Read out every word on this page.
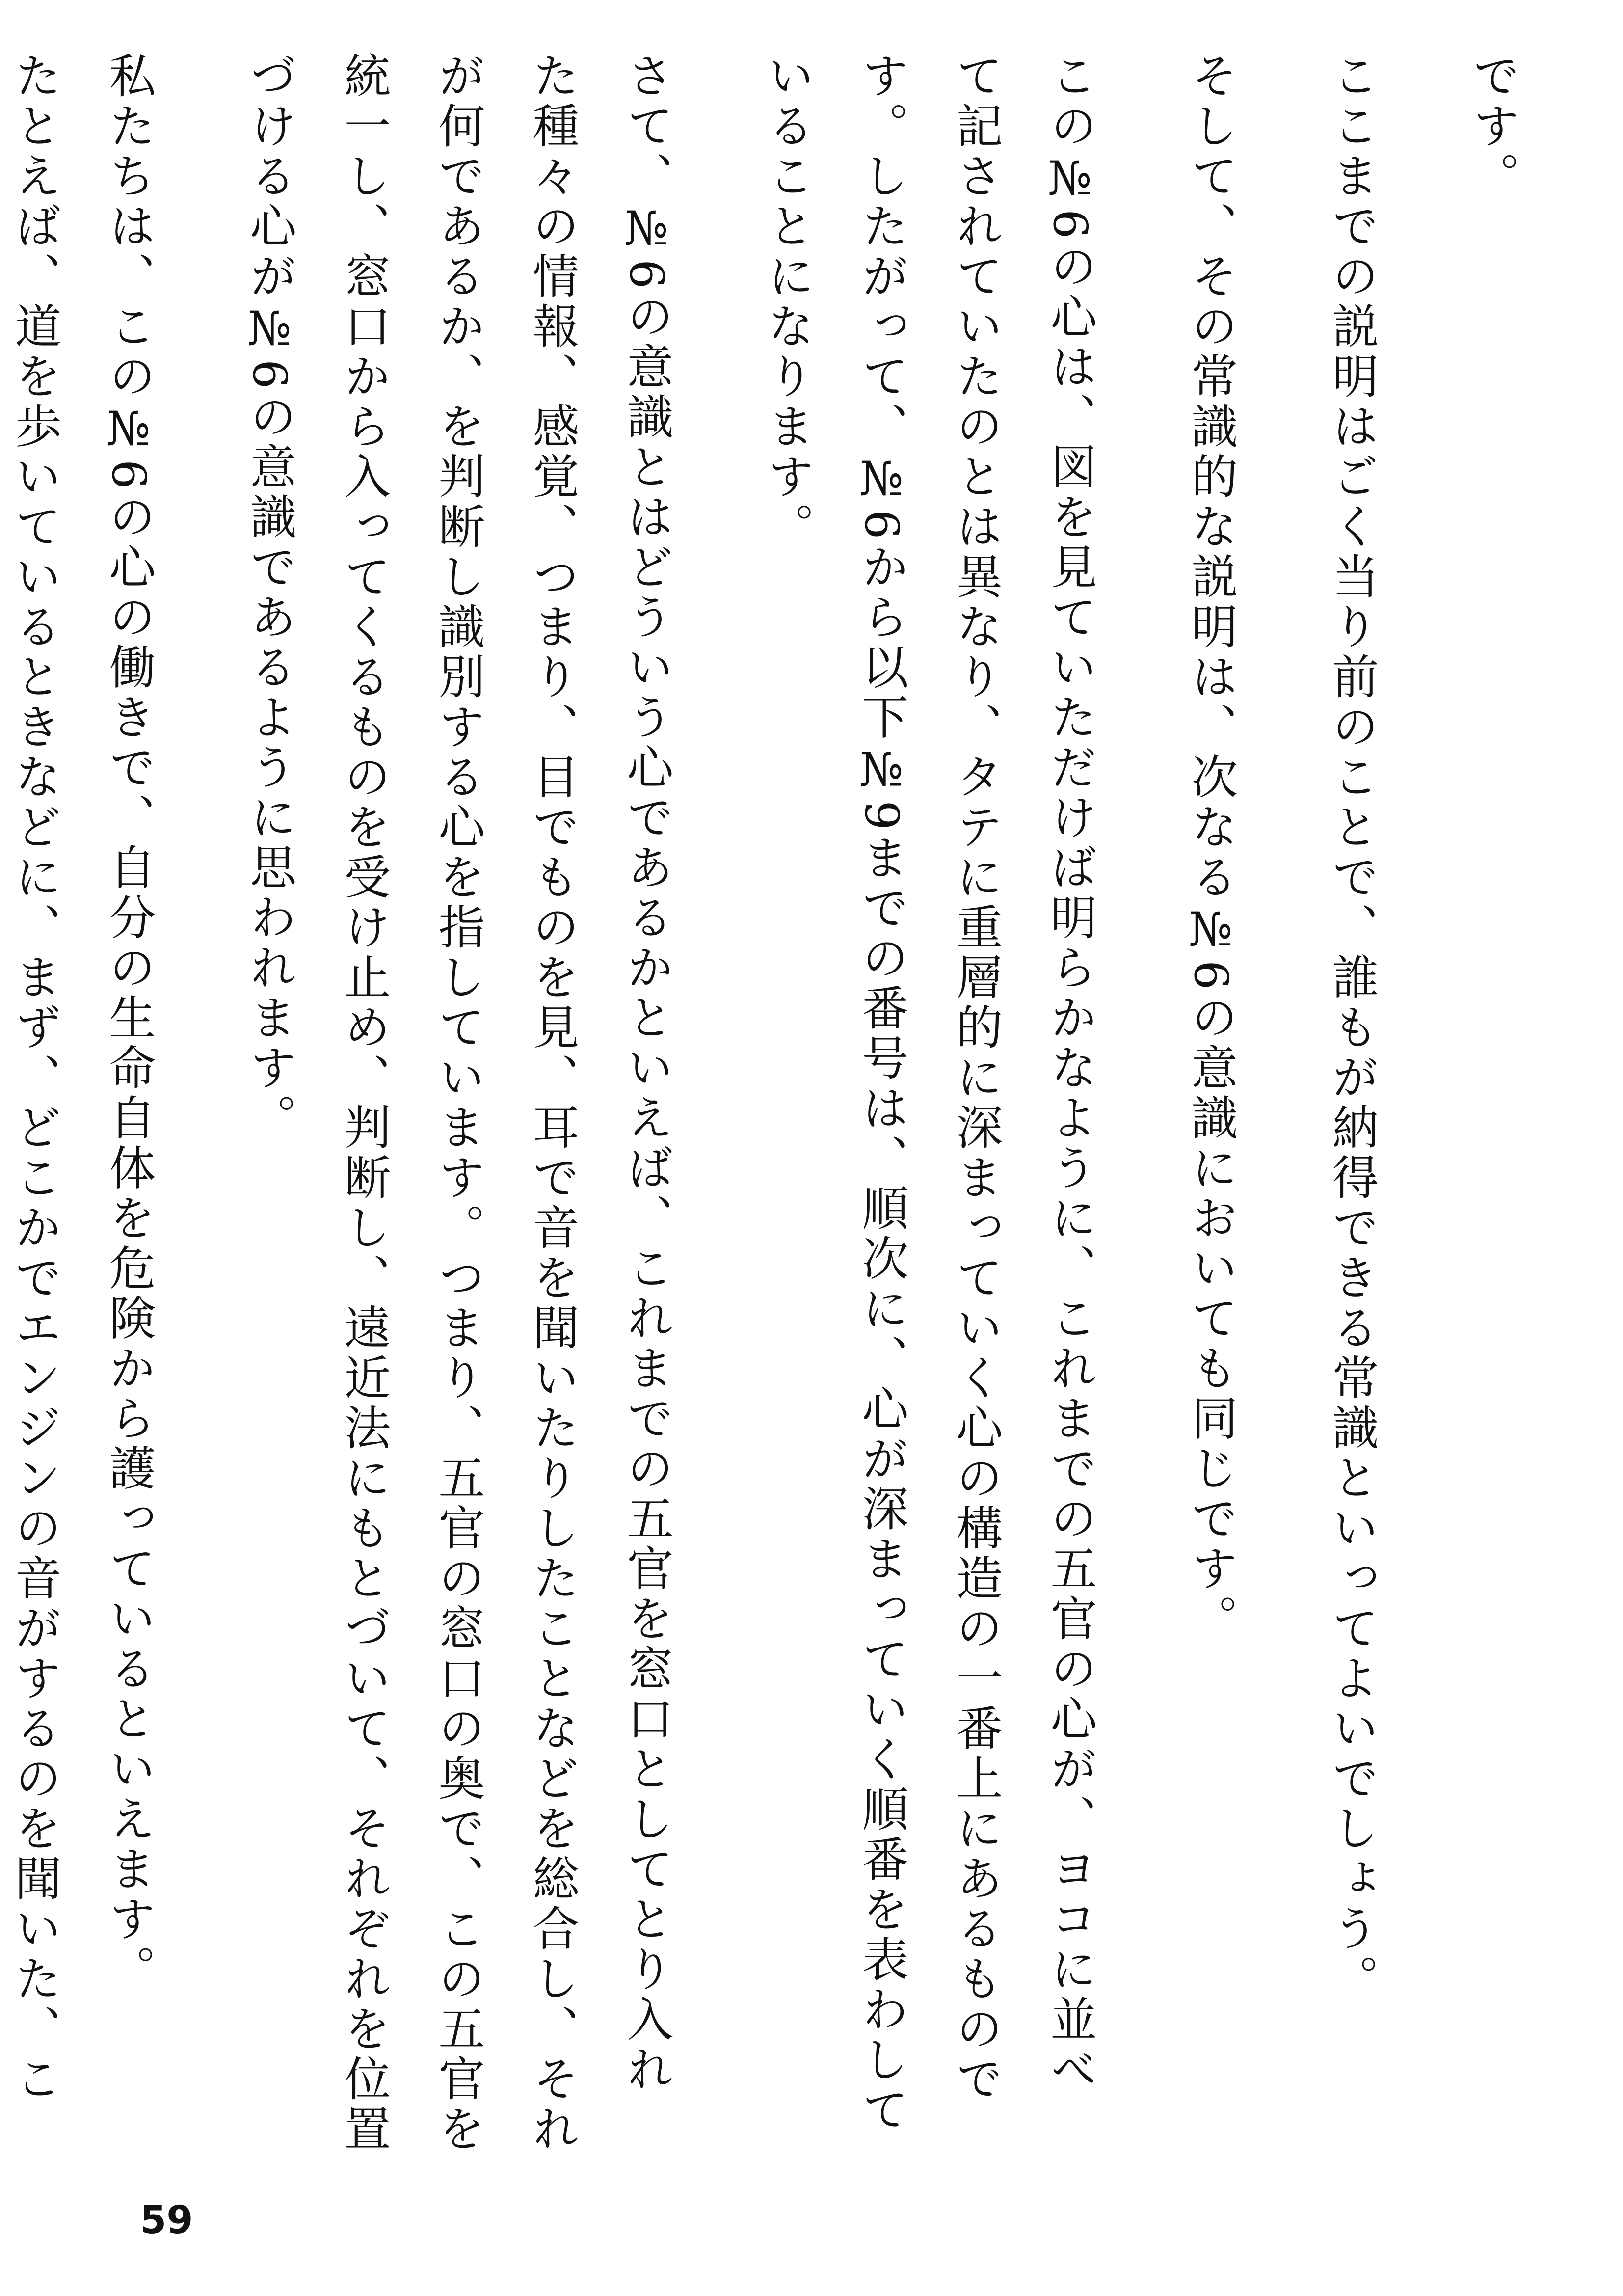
です。
ここまでの説明はごく当り前のことで、誰もが納得できる常識といってよいでしょう。
そして、その常識的な説明は、次なる№6の意識においても同じです。
この№6の心は、図を見ていただけば明らかなように、これまでの五官の心が、ヨコに並べ
て記されていたのとは異なり、タテに重層的に深まっていく心の構造の一番上にあるもので
す。したがって、№6から以下№9までの番号は、順次に、心が深まっていく順番を表わして
いることになります。
さて、№6の意識とはどういう心であるかといえば、これまでの五官を窓口としてとり入れ
た種々の情報、感覚、つまり、目でものを見、耳で音を聞いたりしたことなどを総合し、それ
が何であるか、を判断し識別する心を指しています。つまり、五官の窓口の奥で、この五官を
統一し、窓口から入ってくるものを受け止め、判断し、遠近法にもとづいて、それぞれを位置
づける心が№6の意識であるように思われます。
私たちは、この№6の心の働きで、自分の生命自体を危険から護っているといえます。
たとえば、道を歩いているときなどに、まず、どこかでエンジンの音がするのを聞いた、こ
59
